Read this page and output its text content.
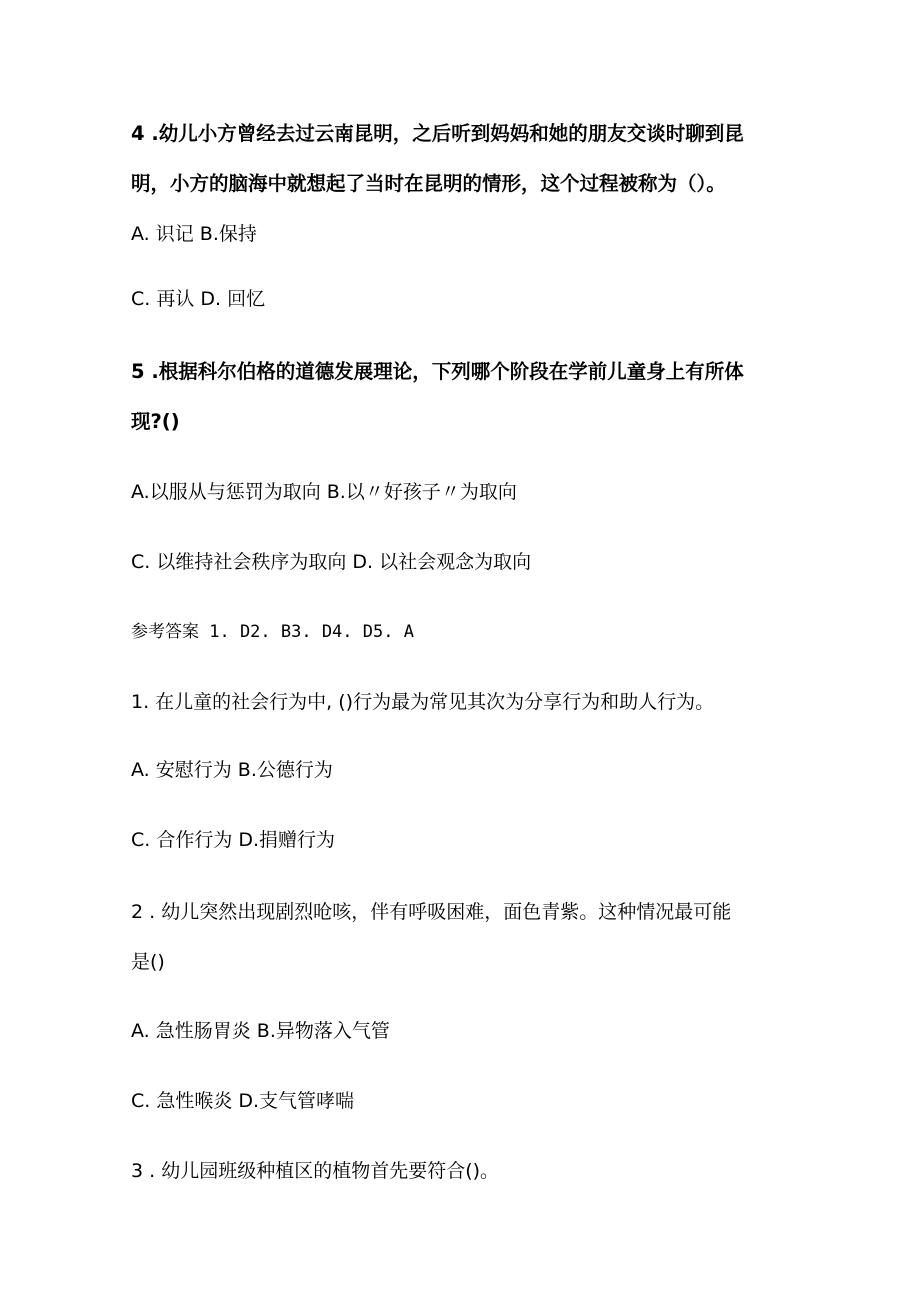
4 .幼儿小方曾经去过云南昆明，之后听到妈妈和她的朋友交谈时聊到昆
明，小方的脑海中就想起了当时在昆明的情形，这个过程被称为（）。
A. 识记 B.保持
C. 再认 D. 回忆
5 .根据科尔伯格的道德发展理论，下列哪个阶段在学前儿童身上有所体
现?()
A.以服从与惩罚为取向 B.以〃好孩子〃为取向
C. 以维持社会秩序为取向 D. 以社会观念为取向
参考答案 1. D2. B3. D4. D5. A
1. 在儿童的社会行为中, ()行为最为常见其次为分享行为和助人行为。
A. 安慰行为 B.公德行为
C. 合作行为 D.捐赠行为
2 . 幼儿突然出现剧烈呛咳，伴有呼吸困难，面色青紫。这种情况最可能
是()
A. 急性肠胃炎 B.异物落入气管
C. 急性喉炎 D.支气管哮喘
3 . 幼儿园班级种植区的植物首先要符合()。
